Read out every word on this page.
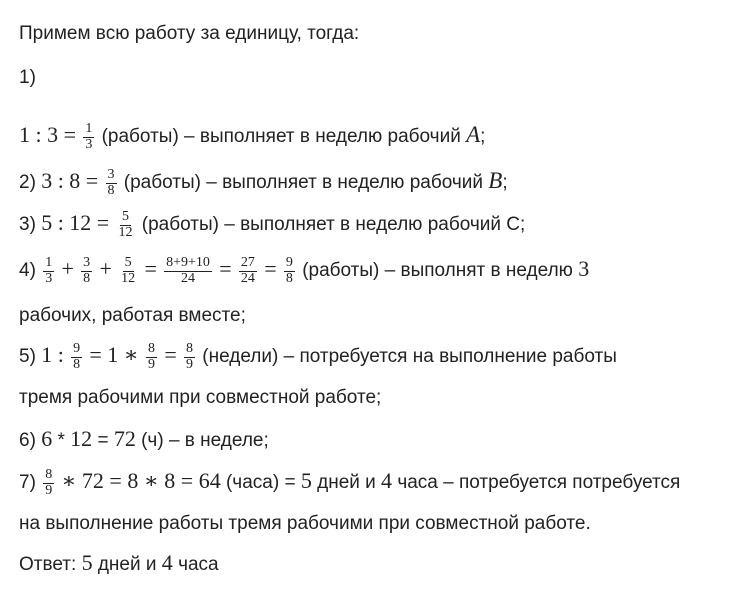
Примем всю работу за единицу, тогда:
1)
1 : $3 = \frac{1}{3}$ (работы) – выполняет в неделю рабочий A;
2) 3 : $8 = \frac{3}{8}$ (работы) – выполняет в неделю рабочий B;
3) 5 : $12 = \frac{5}{12}$ (работы) – выполняет в неделю рабочий С;
$4) \frac{1}{3} + \frac{3}{8} + \frac{5}{12} = \frac{8+9+10}{24} = \frac{27}{24} = \frac{9}{8}$ (работы) – выполнят в неделю 3
рабочих, работая вместе;
5) 1 : $\frac{9}{8} = 1$ ∗ $\frac{8}{9} = \frac{8}{9}$ (недели) – потребуется на выполнение работы
тремя рабочими при совместной работе;
6) 6 * 12 = 72 (ч) – в неделе;
$7) \frac{8}{9}$ ∗ 72 = 8 ∗ 8 = 64 (часа) = 5 дней и 4 часа – потребуется потребуется
на выполнение работы тремя рабочими при совместной работе.
Ответ: 5 дней и 4 часа
